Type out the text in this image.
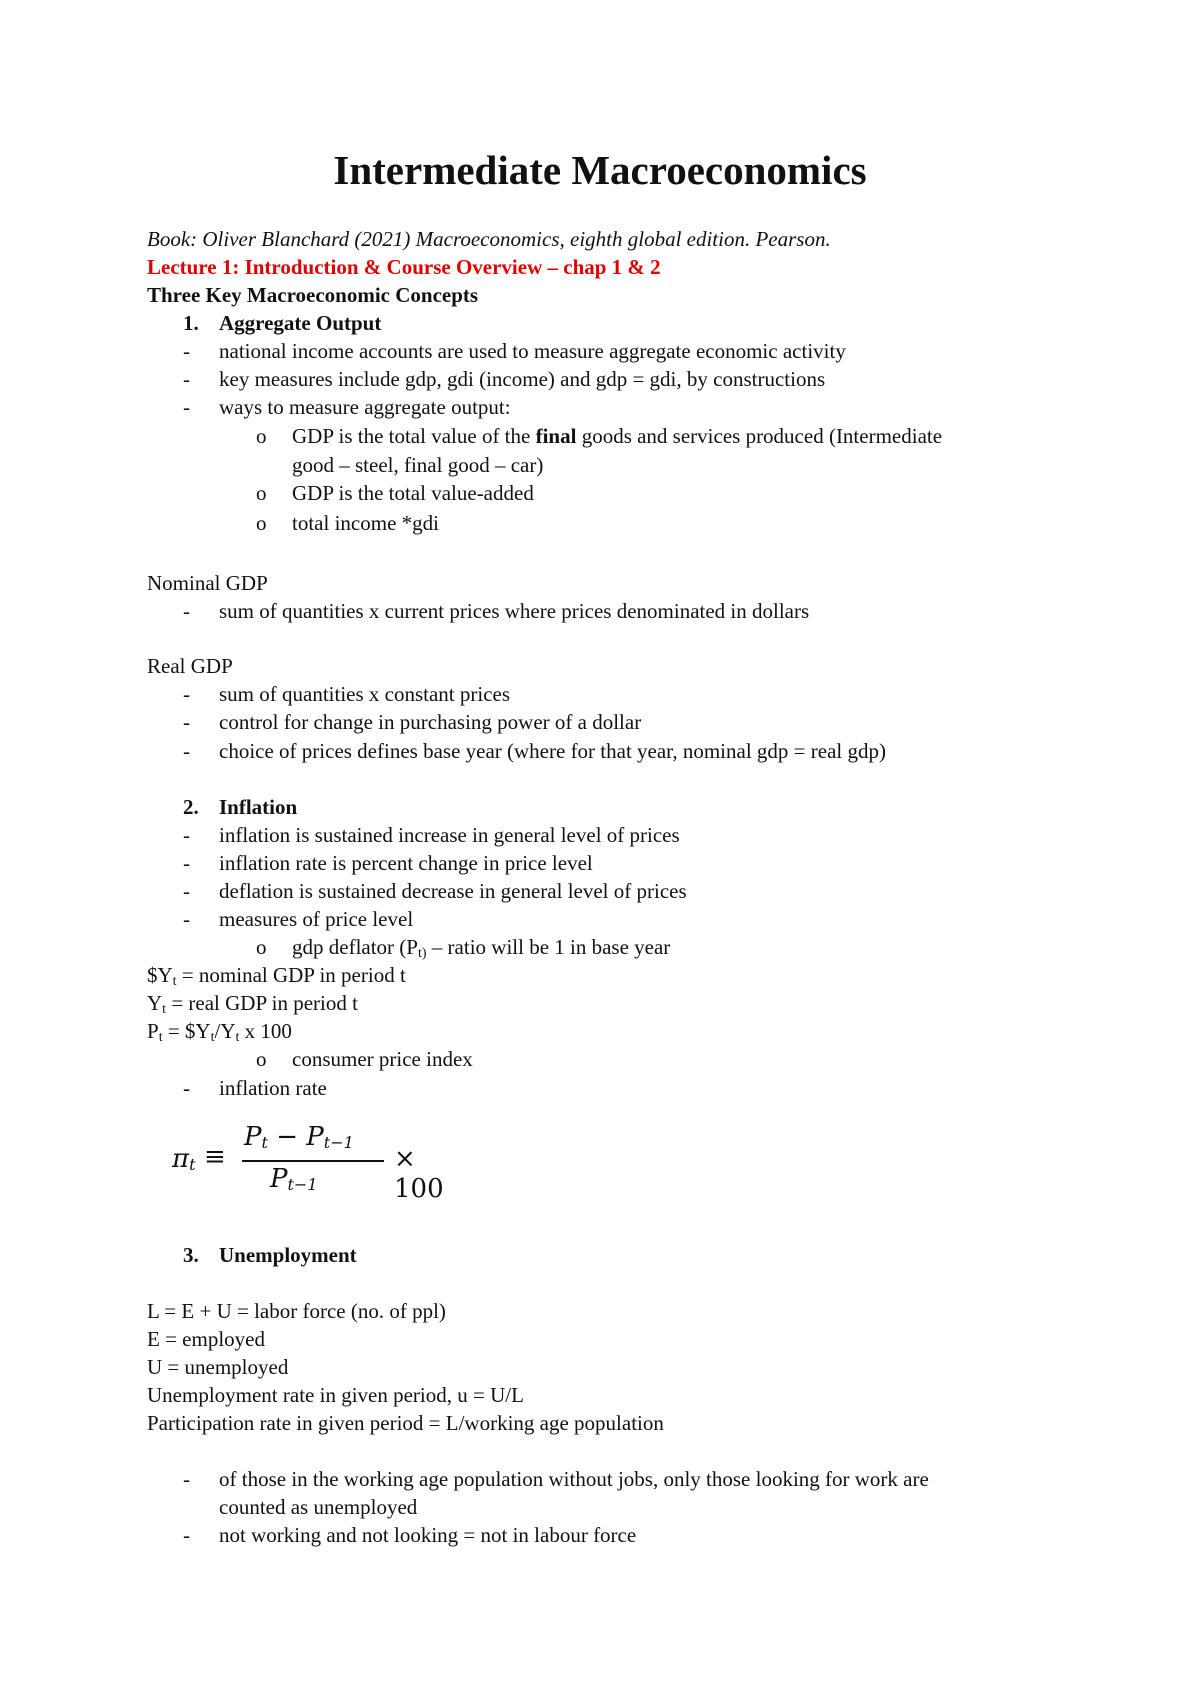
Intermediate Macroeconomics
Book: Oliver Blanchard (2021) Macroeconomics, eighth global edition. Pearson.
Lecture 1: Introduction & Course Overview – chap 1 & 2
Three Key Macroeconomic Concepts
1. Aggregate Output
- national income accounts are used to measure aggregate economic activity
- key measures include gdp, gdi (income) and gdp = gdi, by constructions
- ways to measure aggregate output:
o GDP is the total value of the final goods and services produced (Intermediate
good – steel, final good – car)
o GDP is the total value-added
o total income *gdi
Nominal GDP
- sum of quantities x current prices where prices denominated in dollars
Real GDP
- sum of quantities x constant prices
- control for change in purchasing power of a dollar
- choice of prices defines base year (where for that year, nominal gdp = real gdp)
2. Inflation
- inflation is sustained increase in general level of prices
- inflation rate is percent change in price level
- deflation is sustained decrease in general level of prices
- measures of price level
o gdp deflator ($P_{t)}$ – ratio will be 1 in base year
$\$Y_t$ = nominal GDP in period t
$Y_t$ = real GDP in period t
$P_t$ = $\$Y_t/Y_t$ x 100
o consumer price index
- inflation rate
$\pi_t$ ≡
$P_t - P_{t-1}$
$P_{t-1}$
× 100
3. Unemployment
L = E + U = labor force (no. of ppl)
E = employed
U = unemployed
Unemployment rate in given period, u = U/L
Participation rate in given period = L/working age population
- of those in the working age population without jobs, only those looking for work are
counted as unemployed
- not working and not looking = not in labour force
